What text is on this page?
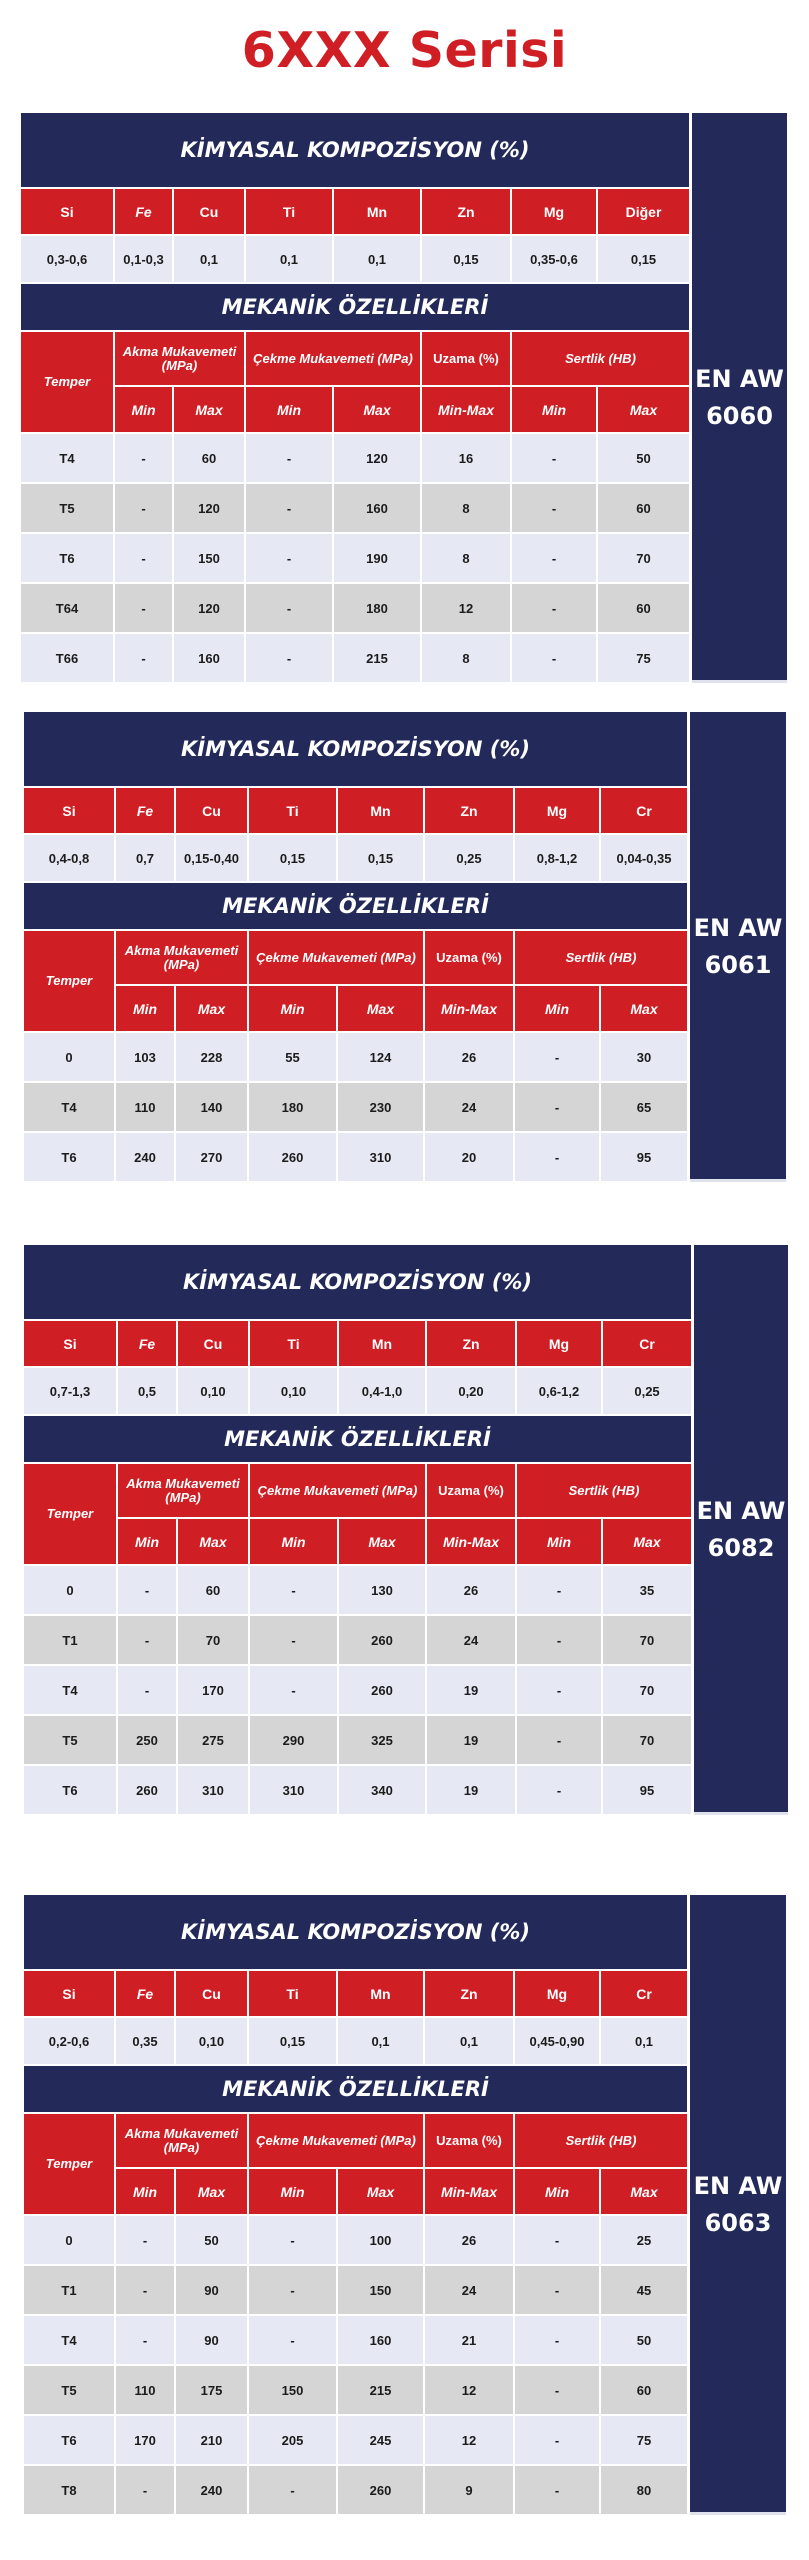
6XXX Serisi
KİMYASAL KOMPOZİSYON (%)							
Si	Fe	Cu	Ti	Mn	Zn	Mg	Diğer
0,3-0,6	0,1-0,3	0,1	0,1	0,1	0,15	0,35-0,6	0,15
MEKANİK ÖZELLİKLERİ							
Temper	Akma Mukavemeti (MPa)		Çekme Mukavemeti (MPa)		Uzama (%)	Sertlik (HB)	
	Min	Max	Min	Max	Min-Max	Min	Max
T4	-	60	-	120	16	-	50
T5	-	120	-	160	8	-	60
T6	-	150	-	190	8	-	70
T64	-	120	-	180	12	-	60
T66	-	160	-	215	8	-	75
EN AW
6060
KİMYASAL KOMPOZİSYON (%)							
Si	Fe	Cu	Ti	Mn	Zn	Mg	Cr
0,4-0,8	0,7	0,15-0,40	0,15	0,15	0,25	0,8-1,2	0,04-0,35
MEKANİK ÖZELLİKLERİ							
Temper	Akma Mukavemeti (MPa)		Çekme Mukavemeti (MPa)		Uzama (%)	Sertlik (HB)	
	Min	Max	Min	Max	Min-Max	Min	Max
0	103	228	55	124	26	-	30
T4	110	140	180	230	24	-	65
T6	240	270	260	310	20	-	95
EN AW
6061
KİMYASAL KOMPOZİSYON (%)							
Si	Fe	Cu	Ti	Mn	Zn	Mg	Cr
0,7-1,3	0,5	0,10	0,10	0,4-1,0	0,20	0,6-1,2	0,25
MEKANİK ÖZELLİKLERİ							
Temper	Akma Mukavemeti (MPa)		Çekme Mukavemeti (MPa)		Uzama (%)	Sertlik (HB)	
	Min	Max	Min	Max	Min-Max	Min	Max
0	-	60	-	130	26	-	35
T1	-	70	-	260	24	-	70
T4	-	170	-	260	19	-	70
T5	250	275	290	325	19	-	70
T6	260	310	310	340	19	-	95
EN AW
6082
KİMYASAL KOMPOZİSYON (%)							
Si	Fe	Cu	Ti	Mn	Zn	Mg	Cr
0,2-0,6	0,35	0,10	0,15	0,1	0,1	0,45-0,90	0,1
MEKANİK ÖZELLİKLERİ							
Temper	Akma Mukavemeti (MPa)		Çekme Mukavemeti (MPa)		Uzama (%)	Sertlik (HB)	
	Min	Max	Min	Max	Min-Max	Min	Max
0	-	50	-	100	26	-	25
T1	-	90	-	150	24	-	45
T4	-	90	-	160	21	-	50
T5	110	175	150	215	12	-	60
T6	170	210	205	245	12	-	75
T8	-	240	-	260	9	-	80
EN AW
6063
